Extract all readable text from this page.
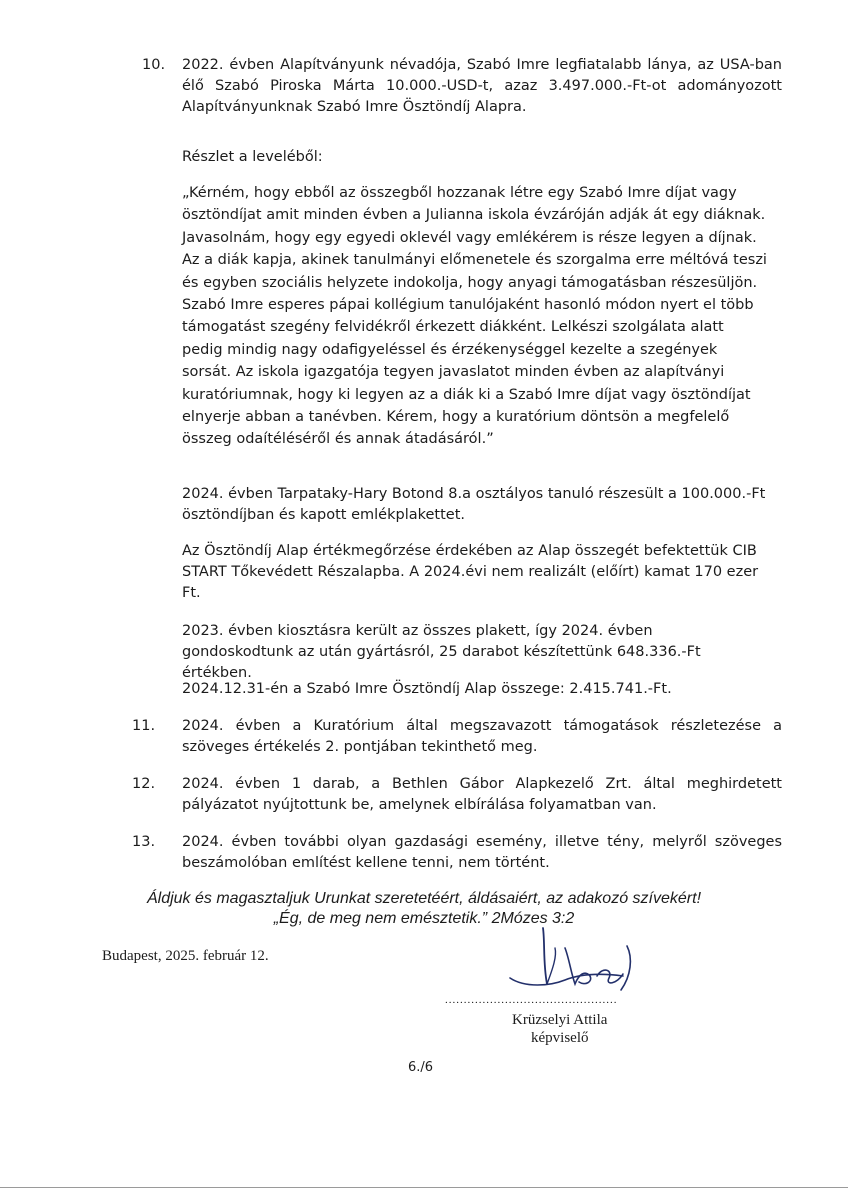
10. 2022. évben Alapítványunk névadója, Szabó Imre legfiatalabb lánya, az USA-ban élő Szabó Piroska Márta 10.000.-USD-t, azaz 3.497.000.-Ft-ot adományozott Alapítványunknak Szabó Imre Ösztöndíj Alapra.
Részlet a leveléből:
„Kérném, hogy ebből az összegből hozzanak létre egy Szabó Imre díjat vagy ösztöndíjat amit minden évben a Julianna iskola évzáróján adják át egy diáknak. Javasolnám, hogy egy egyedi oklevél vagy emlékérem is része legyen a díjnak. Az a diák kapja, akinek tanulmányi előmenetele és szorgalma erre méltóvá teszi és egyben szociális helyzete indokolja, hogy anyagi támogatásban részesüljön. Szabó Imre esperes pápai kollégium tanulójaként hasonló módon nyert el több támogatást szegény felvidékről érkezett diákként. Lelkészi szolgálata alatt pedig mindig nagy odafigyeléssel és érzékenységgel kezelte a szegények sorsát. Az iskola igazgatója tegyen javaslatot minden évben az alapítványi kuratóriumnak, hogy ki legyen az a diák ki a Szabó Imre díjat vagy ösztöndíjat elnyerje abban a tanévben. Kérem, hogy a kuratórium döntsön a megfelelő összeg odaítéléséről és annak átadásáról.”
2024. évben Tarpataky-Hary Botond 8.a osztályos tanuló részesült a 100.000.-Ft ösztöndíjban és kapott emlékplakettet.
Az Ösztöndíj Alap értékmegőrzése érdekében az Alap összegét befektettük CIB START Tőkevédett Részalapba. A 2024.évi nem realizált (előírt) kamat 170 ezer Ft.
2023. évben kiosztásra került az összes plakett, így 2024. évben gondoskodtunk az után gyártásról, 25 darabot készítettünk 648.336.-Ft értékben.
2024.12.31-én a Szabó Imre Ösztöndíj Alap összege: 2.415.741.-Ft.
11. 2024. évben a Kuratórium által megszavazott támogatások részletezése a szöveges értékelés 2. pontjában tekinthető meg.
12. 2024. évben 1 darab, a Bethlen Gábor Alapkezelő Zrt. által meghirdetett pályázatot nyújtottunk be, amelynek elbírálása folyamatban van.
13. 2024. évben további olyan gazdasági esemény, illetve tény, melyről szöveges beszámolóban említést kellene tenni, nem történt.
Áldjuk és magasztaljuk Urunkat szeretetéért, áldásaiért, az adakozó szívekért!
„Ég, de meg nem emésztetik.” 2Mózes 3:2
Budapest, 2025. február 12.
..............................................
Krüzselyi Attila
képviselő
6./6
